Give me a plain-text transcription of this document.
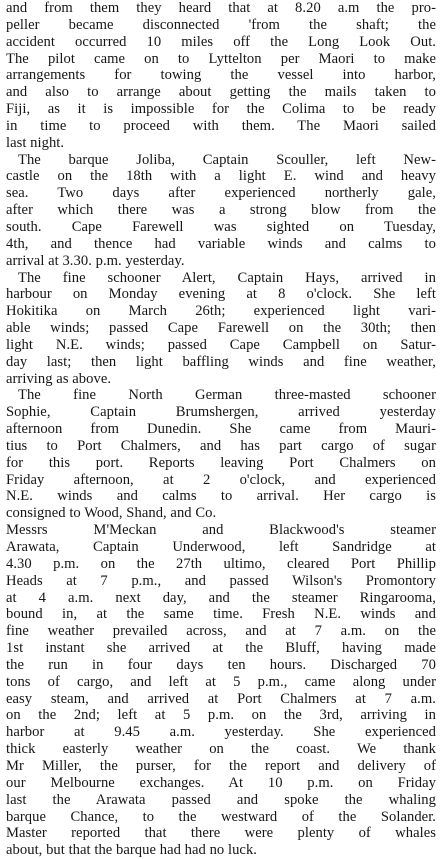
and from them they heard that at 8.20 a.m the pro-
peller became disconnected 'from the shaft; the
accident occurred 10 miles off the Long Look Out.
The pilot came on to Lyttelton per Maori to make
arrangements for towing the vessel into harbor,
and also to arrange about getting the mails taken to
Fiji, as it is impossible for the Colima to be ready
in time to proceed with them. The Maori sailed
last night.
The barque Joliba, Captain Scouller, left New-
castle on the 18th with a light E. wind and heavy
sea. Two days after experienced northerly gale,
after which there was a strong blow from the
south. Cape Farewell was sighted on Tuesday,
4th, and thence had variable winds and calms to
arrival at 3.30. p.m. yesterday.
The fine schooner Alert, Captain Hays, arrived in
harbour on Monday evening at 8 o'clock. She left
Hokitika on March 26th; experienced light vari-
able winds; passed Cape Farewell on the 30th; then
light N.E. winds; passed Cape Campbell on Satur-
day last; then light baffling winds and fine weather,
arriving as above.
The fine North German three-masted schooner
Sophie, Captain Brumshergen, arrived yesterday
afternoon from Dunedin. She came from Mauri-
tius to Port Chalmers, and has part cargo of sugar
for this port. Reports leaving Port Chalmers on
Friday afternoon, at 2 o'clock, and experienced
N.E. winds and calms to arrival. Her cargo is
consigned to Wood, Shand, and Co.
Messrs M'Meckan and Blackwood's steamer
Arawata, Captain Underwood, left Sandridge at
4.30 p.m. on the 27th ultimo, cleared Port Phillip
Heads at 7 p.m., and passed Wilson's Promontory
at 4 a.m. next day, and the steamer Ringarooma,
bound in, at the same time. Fresh N.E. winds and
fine weather prevailed across, and at 7 a.m. on the
1st instant she arrived at the Bluff, having made
the run in four days ten hours. Discharged 70
tons of cargo, and left at 5 p.m., came along under
easy steam, and arrived at Port Chalmers at 7 a.m.
on the 2nd; left at 5 p.m. on the 3rd, arriving in
harbor at 9.45 a.m. yesterday. She experienced
thick easterly weather on the coast. We thank
Mr Miller, the purser, for the report and delivery of
our Melbourne exchanges. At 10 p.m. on Friday
last the Arawata passed and spoke the whaling
barque Chance, to the westward of the Solander.
Master reported that there were plenty of whales
about, but that the barque had had no luck.
